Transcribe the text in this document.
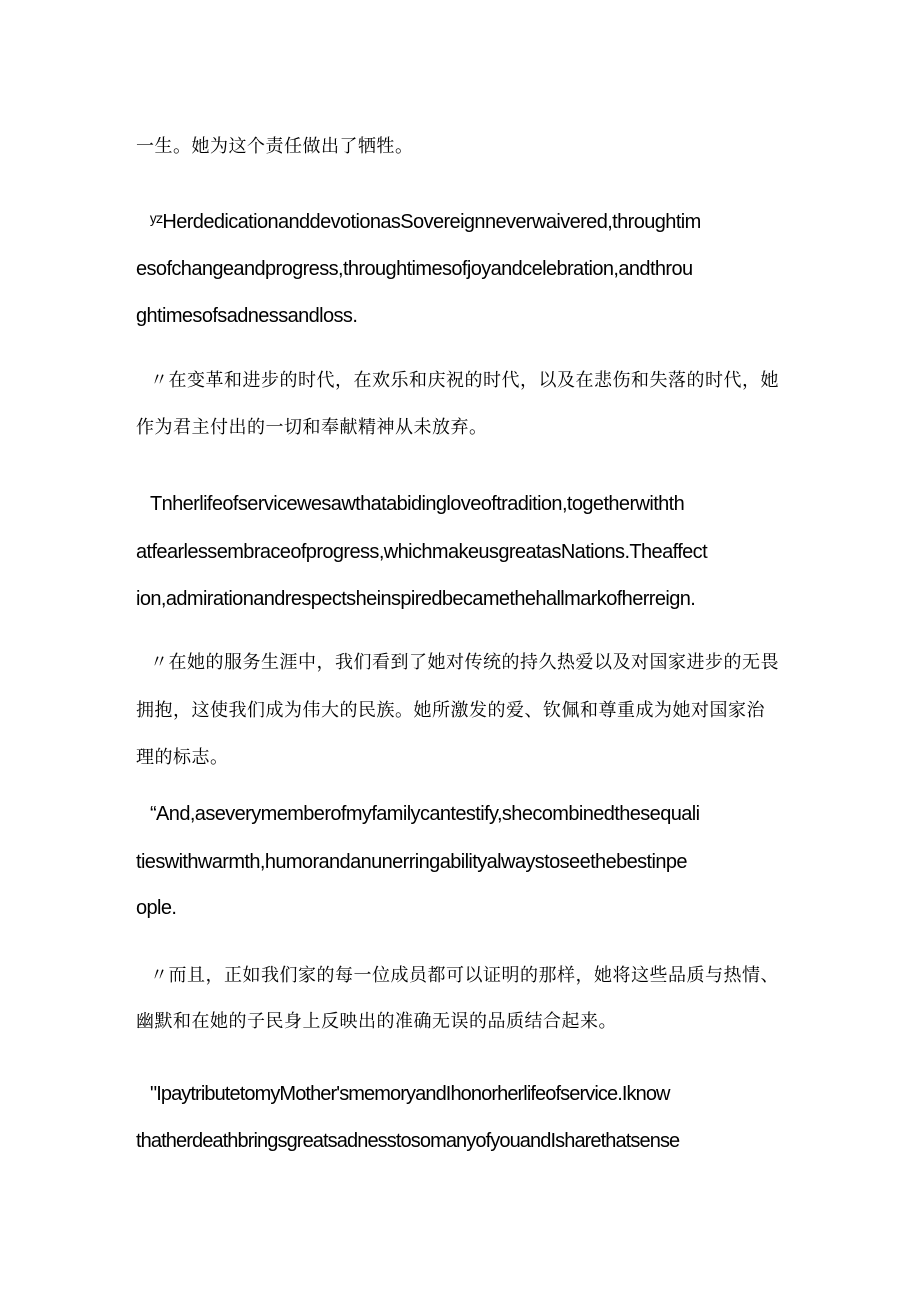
一生。她为这个责任做出了牺牲。
ʸᶻHerdedicationanddevotionasSovereignneverwaivered,throughtim
esofchangeandprogress,throughtimesofjoyandcelebration,andthrou
ghtimesofsadnessandloss.
〃在变革和进步的时代，在欢乐和庆祝的时代，以及在悲伤和失落的时代，她
作为君主付出的一切和奉献精神从未放弃。
Tnherlifeofservicewesawthatabidingloveoftradition,togetherwithth
atfearlessembraceofprogress,whichmakeusgreatasNations.Theaffect
ion,admirationandrespectsheinspiredbecamethehallmarkofherreign.
〃在她的服务生涯中，我们看到了她对传统的持久热爱以及对国家进步的无畏
拥抱，这使我们成为伟大的民族。她所激发的爱、钦佩和尊重成为她对国家治
理的标志。
“And,aseverymemberofmyfamilycantestify,shecombinedthesequali
tieswithwarmth,humorandanunerringabilityalwaystoseethebestinpe
ople.
〃而且，正如我们家的每一位成员都可以证明的那样，她将这些品质与热情、
幽默和在她的子民身上反映出的准确无误的品质结合起来。
"IpaytributetomyMother'smemoryandIhonorherlifeofservice.Iknow
thatherdeathbringsgreatsadnesstosomanyofyouandIsharethatsense
